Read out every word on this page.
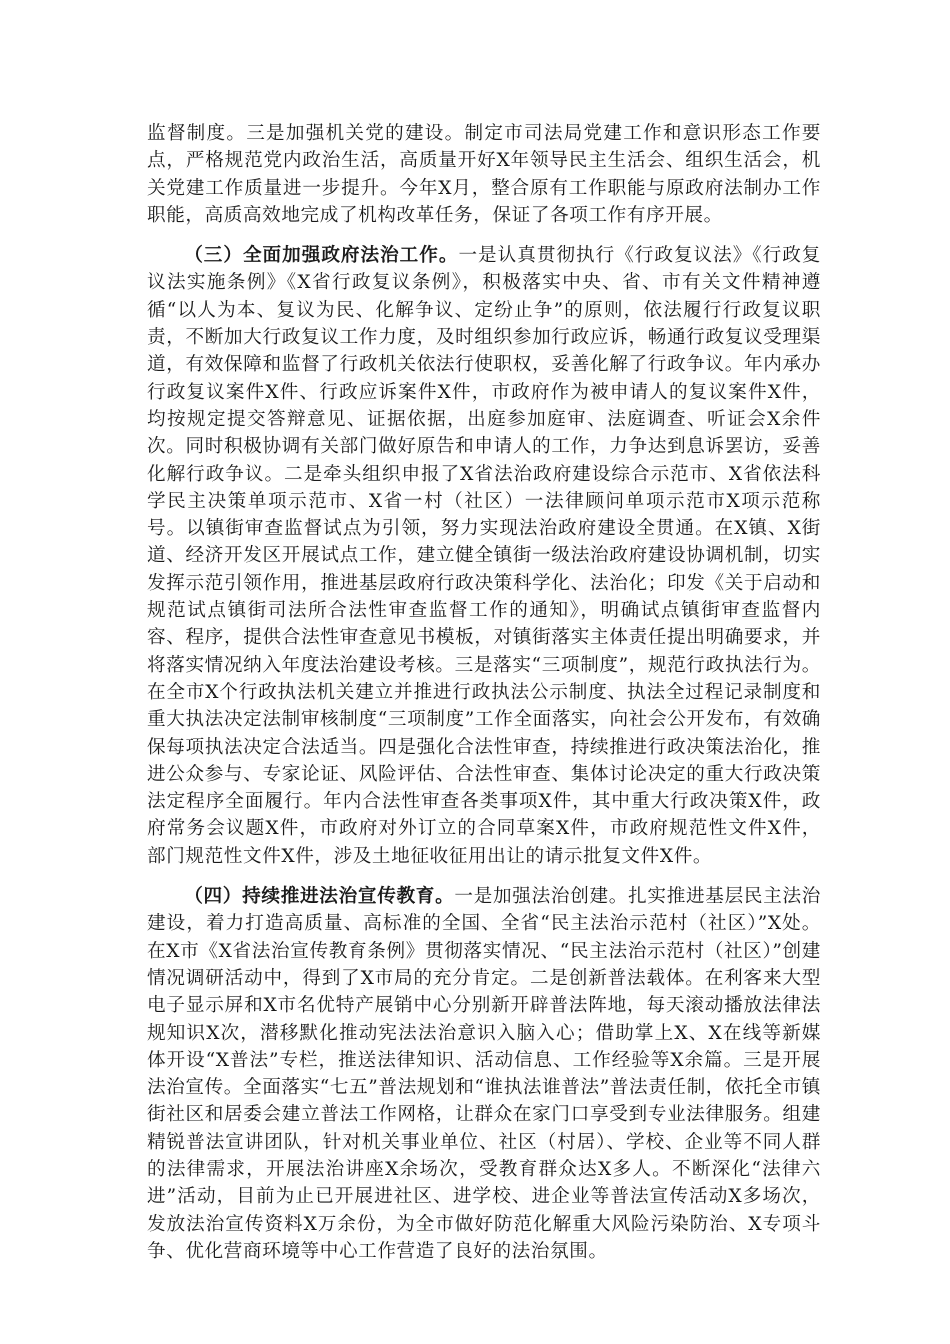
监督制度。三是加强机关党的建设。制定市司法局党建工作和意识形态工作要点，严格规范党内政治生活，高质量开好X年领导民主生活会、组织生活会，机关党建工作质量进一步提升。今年X月，整合原有工作职能与原政府法制办工作职能，高质高效地完成了机构改革任务，保证了各项工作有序开展。

（三）全面加强政府法治工作。一是认真贯彻执行《行政复议法》《行政复议法实施条例》《X省行政复议条例》，积极落实中央、省、市有关文件精神遵循“以人为本、复议为民、化解争议、定纷止争”的原则，依法履行行政复议职责，不断加大行政复议工作力度，及时组织参加行政应诉，畅通行政复议受理渠道，有效保障和监督了行政机关依法行使职权，妥善化解了行政争议。年内承办行政复议案件X件、行政应诉案件X件，市政府作为被申请人的复议案件X件，均按规定提交答辩意见、证据依据，出庭参加庭审、法庭调查、听证会X余件次。同时积极协调有关部门做好原告和申请人的工作，力争达到息诉罢访，妥善化解行政争议。二是牵头组织申报了X省法治政府建设综合示范市、X省依法科学民主决策单项示范市、X省一村（社区）一法律顾问单项示范市X项示范称号。以镇街审查监督试点为引领，努力实现法治政府建设全贯通。在X镇、X街道、经济开发区开展试点工作，建立健全镇街一级法治政府建设协调机制，切实发挥示范引领作用，推进基层政府行政决策科学化、法治化；印发《关于启动和规范试点镇街司法所合法性审查监督工作的通知》，明确试点镇街审查监督内容、程序，提供合法性审查意见书模板，对镇街落实主体责任提出明确要求，并将落实情况纳入年度法治建设考核。三是落实“三项制度”，规范行政执法行为。在全市X个行政执法机关建立并推进行政执法公示制度、执法全过程记录制度和重大执法决定法制审核制度“三项制度”工作全面落实，向社会公开发布，有效确保每项执法决定合法适当。四是强化合法性审查，持续推进行政决策法治化，推进公众参与、专家论证、风险评估、合法性审查、集体讨论决定的重大行政决策法定程序全面履行。年内合法性审查各类事项X件，其中重大行政决策X件，政府常务会议题X件，市政府对外订立的合同草案X件，市政府规范性文件X件，部门规范性文件X件，涉及土地征收征用出让的请示批复文件X件。

（四）持续推进法治宣传教育。一是加强法治创建。扎实推进基层民主法治建设，着力打造高质量、高标准的全国、全省“民主法治示范村（社区）”X处。在X市《X省法治宣传教育条例》贯彻落实情况、“民主法治示范村（社区）”创建情况调研活动中，得到了X市局的充分肯定。二是创新普法载体。在利客来大型电子显示屏和X市名优特产展销中心分别新开辟普法阵地，每天滚动播放法律法规知识X次，潜移默化推动宪法法治意识入脑入心；借助掌上X、X在线等新媒体开设“X普法”专栏，推送法律知识、活动信息、工作经验等X余篇。三是开展法治宣传。全面落实“七五”普法规划和“谁执法谁普法”普法责任制，依托全市镇街社区和居委会建立普法工作网格，让群众在家门口享受到专业法律服务。组建精锐普法宣讲团队，针对机关事业单位、社区（村居）、学校、企业等不同人群的法律需求，开展法治讲座X余场次，受教育群众达X多人。不断深化“法律六进”活动，目前为止已开展进社区、进学校、进企业等普法宣传活动X多场次，发放法治宣传资料X万余份，为全市做好防范化解重大风险污染防治、X专项斗争、优化营商环境等中心工作营造了良好的法治氛围。
